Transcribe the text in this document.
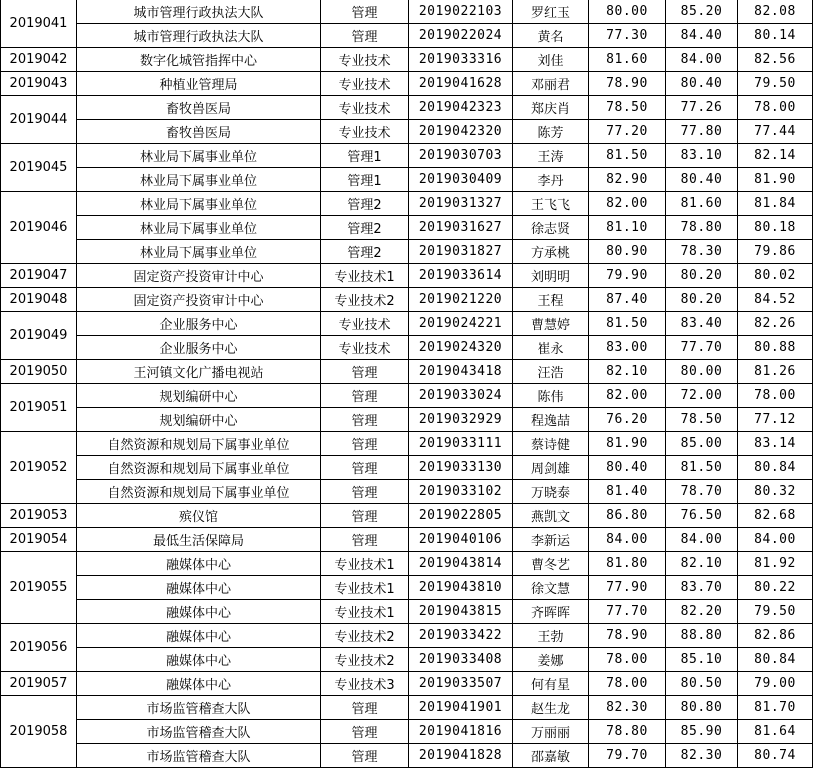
2019041	城市管理行政执法大队	管理	2019022103	罗红玉	80.00	85.20	82.08
	城市管理行政执法大队	管理	2019022024	黄名	77.30	84.40	80.14
2019042	数字化城管指挥中心	专业技术	2019033316	刘佳	81.60	84.00	82.56
2019043	种植业管理局	专业技术	2019041628	邓丽君	78.90	80.40	79.50
2019044	畜牧兽医局	专业技术	2019042323	郑庆肖	78.50	77.26	78.00
	畜牧兽医局	专业技术	2019042320	陈芳	77.20	77.80	77.44
2019045	林业局下属事业单位	管理1	2019030703	王涛	81.50	83.10	82.14
	林业局下属事业单位	管理1	2019030409	李丹	82.90	80.40	81.90
2019046	林业局下属事业单位	管理2	2019031327	王飞飞	82.00	81.60	81.84
	林业局下属事业单位	管理2	2019031627	徐志贤	81.10	78.80	80.18
	林业局下属事业单位	管理2	2019031827	方承桃	80.90	78.30	79.86
2019047	固定资产投资审计中心	专业技术1	2019033614	刘明明	79.90	80.20	80.02
2019048	固定资产投资审计中心	专业技术2	2019021220	王程	87.40	80.20	84.52
2019049	企业服务中心	专业技术	2019024221	曹慧婷	81.50	83.40	82.26
	企业服务中心	专业技术	2019024320	崔永	83.00	77.70	80.88
2019050	王河镇文化广播电视站	管理	2019043418	汪浩	82.10	80.00	81.26
2019051	规划编研中心	管理	2019033024	陈伟	82.00	72.00	78.00
	规划编研中心	管理	2019032929	程逸喆	76.20	78.50	77.12
2019052	自然资源和规划局下属事业单位	管理	2019033111	蔡诗健	81.90	85.00	83.14
	自然资源和规划局下属事业单位	管理	2019033130	周剑雄	80.40	81.50	80.84
	自然资源和规划局下属事业单位	管理	2019033102	万晓泰	81.40	78.70	80.32
2019053	殡仪馆	管理	2019022805	燕凯文	86.80	76.50	82.68
2019054	最低生活保障局	管理	2019040106	李新运	84.00	84.00	84.00
2019055	融媒体中心	专业技术1	2019043814	曹冬艺	81.80	82.10	81.92
	融媒体中心	专业技术1	2019043810	徐文慧	77.90	83.70	80.22
	融媒体中心	专业技术1	2019043815	齐晖晖	77.70	82.20	79.50
2019056	融媒体中心	专业技术2	2019033422	王勃	78.90	88.80	82.86
	融媒体中心	专业技术2	2019033408	姜娜	78.00	85.10	80.84
2019057	融媒体中心	专业技术3	2019033507	何有星	78.00	80.50	79.00
2019058	市场监管稽查大队	管理	2019041901	赵生龙	82.30	80.80	81.70
	市场监管稽查大队	管理	2019041816	万丽丽	78.80	85.90	81.64
	市场监管稽查大队	管理	2019041828	邵嘉敏	79.70	82.30	80.74
